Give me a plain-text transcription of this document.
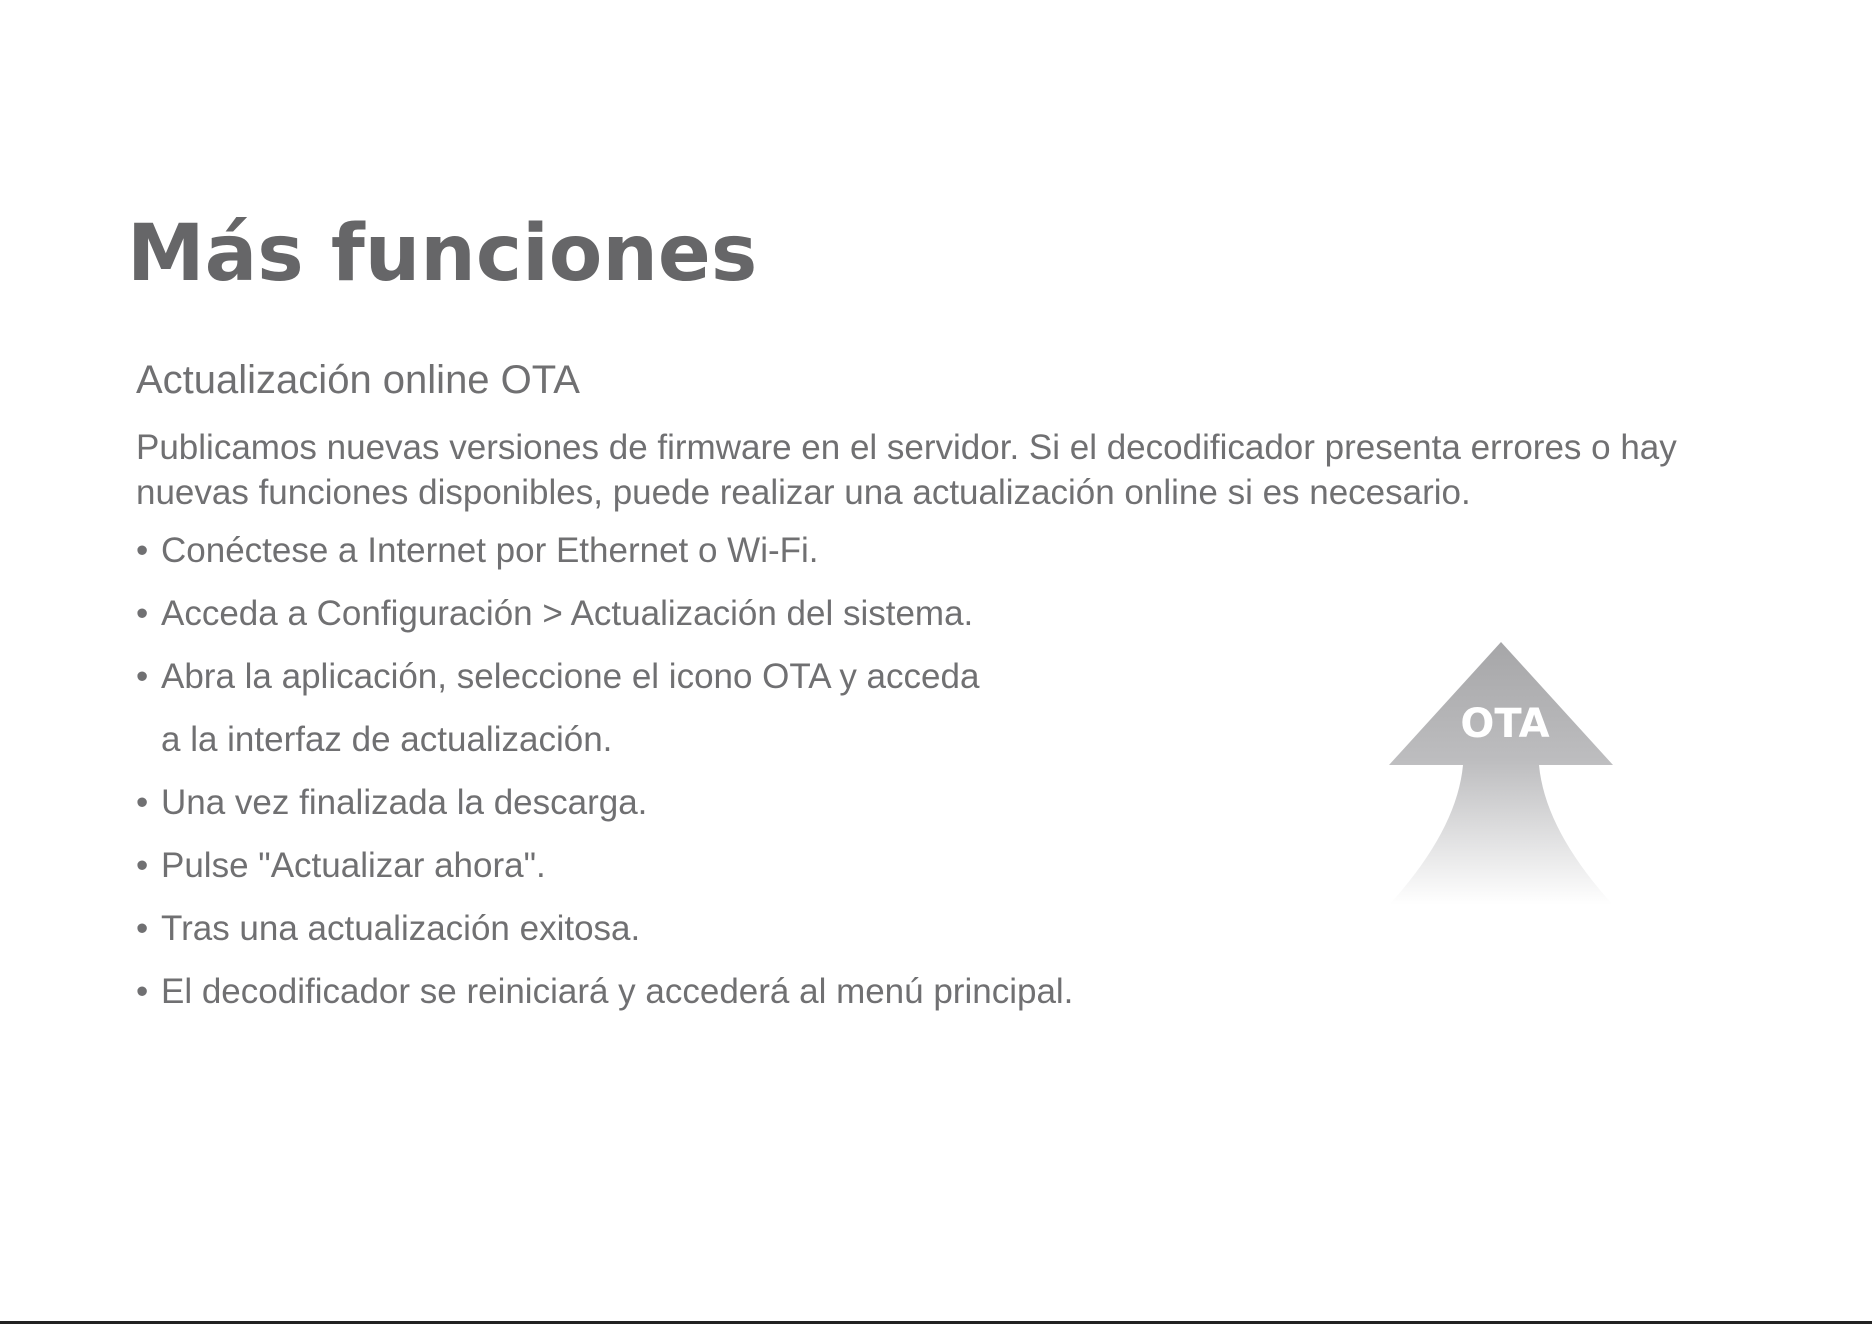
Más funciones
Actualización online OTA

Publicamos nuevas versiones de firmware en el servidor. Si el decodificador presenta errores o hay nuevas funciones disponibles, puede realizar una actualización online si es necesario.

• Conéctese a Internet por Ethernet o Wi-Fi.
• Acceda a Configuración > Actualización del sistema.
• Abra la aplicación, seleccione el icono OTA y acceda
a la interfaz de actualización.
• Una vez finalizada la descarga.
• Pulse "Actualizar ahora".
• Tras una actualización exitosa.
• El decodificador se reiniciará y accederá al menú principal.
OTA
